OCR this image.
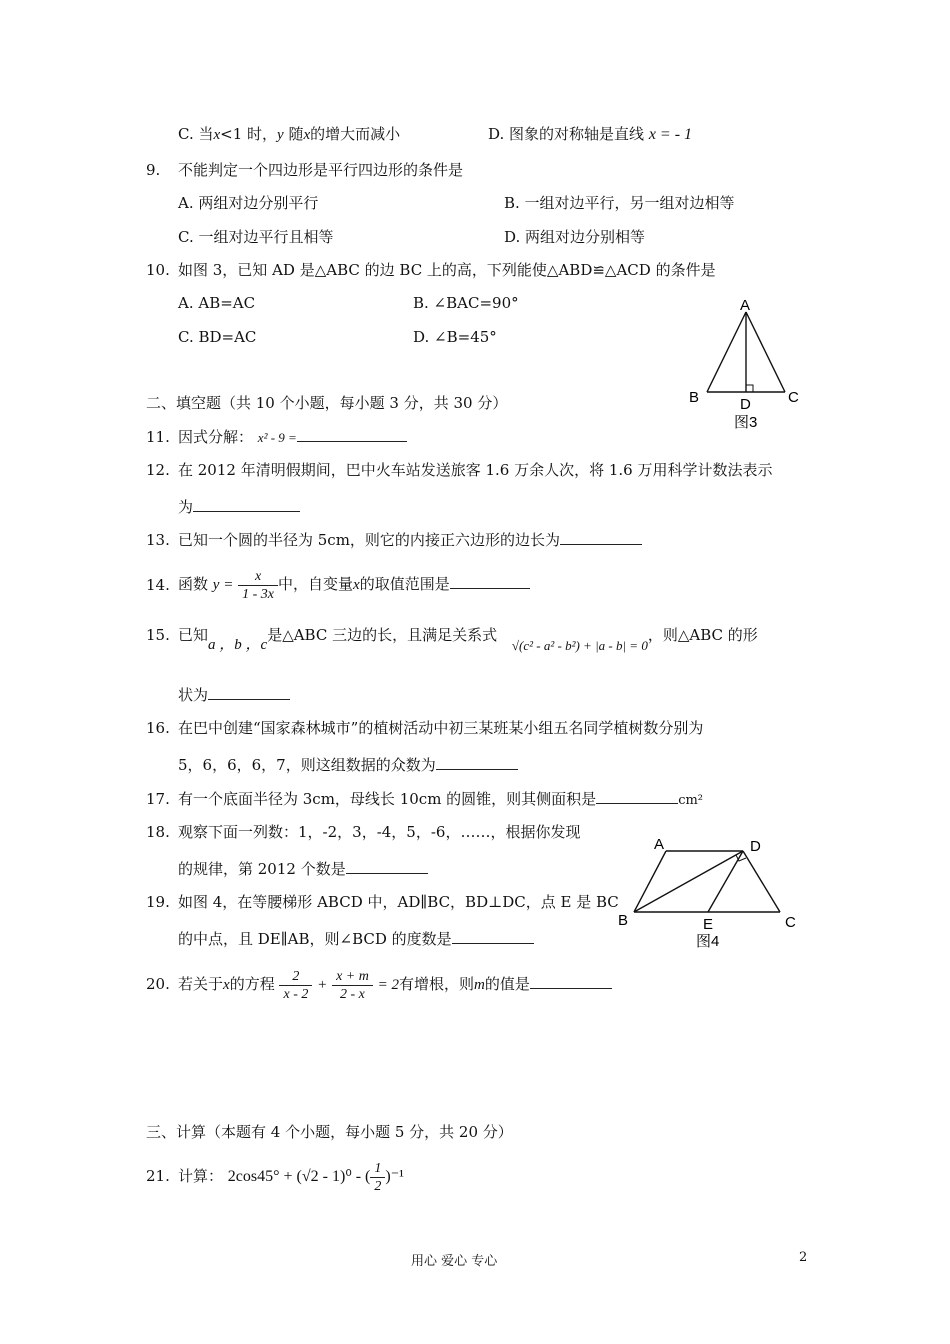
C. 当x<1 时，y 随x的增大而减小	D. 图象的对称轴是直线 x = - 1
9. 不能判定一个四边形是平行四边形的条件是
A. 两组对边分别平行	B. 一组对边平行，另一组对边相等
C. 一组对边平行且相等	D. 两组对边分别相等
10. 如图 3，已知 AD 是△ABC 的边 BC 上的高，下列能使△ABD≌△ACD 的条件是
A. AB=AC	B. ∠BAC=90°
C. BD=AC	D. ∠B=45°
A
B	C
D
图3
二、填空题（共 10 个小题，每小题 3 分，共 30 分）
11. 因式分解： x² - 9 =
12. 在 2012 年清明假期间，巴中火车站发送旅客 1.6 万余人次，将 1.6 万用科学计数法表示
为
13. 已知一个圆的半径为 5cm，则它的内接正六边形的边长为
14. 函数 $y = \frac{x}{1 - 3x}$ 中，自变量x的取值范围是
15. 已知a ，b ，c是△ABC 三边的长，且满足关系式 √(c² - a² - b²) + |a - b| = 0，则△ABC 的形
状为
16. 在巴中创建“国家森林城市”的植树活动中初三某班某小组五名同学植树数分别为
5，6，6，6，7，则这组数据的众数为
17. 有一个底面半径为 3cm，母线长 10cm 的圆锥，则其侧面积是	cm²
18. 观察下面一列数：1，-2，3，-4，5，-6，……，根据你发现
的规律，第 2012 个数是
19. 如图 4，在等腰梯形 ABCD 中，AD∥BC，BD⊥DC，点 E 是 BC
的中点，且 DE∥AB，则∠BCD 的度数是
A	D
B	C
E
图4
20. 若关于x的方程 $\frac{2}{x - 2} + \frac{x + m}{2 - x} = 2$有增根，则m的值是
三、计算（本题有 4 个小题，每小题 5 分，共 20 分）
21. 计算： 2cos45° + (√2 - 1)⁰ - ( $\frac{1}{2} )^{-1}$
用心 爱心 专心	2
